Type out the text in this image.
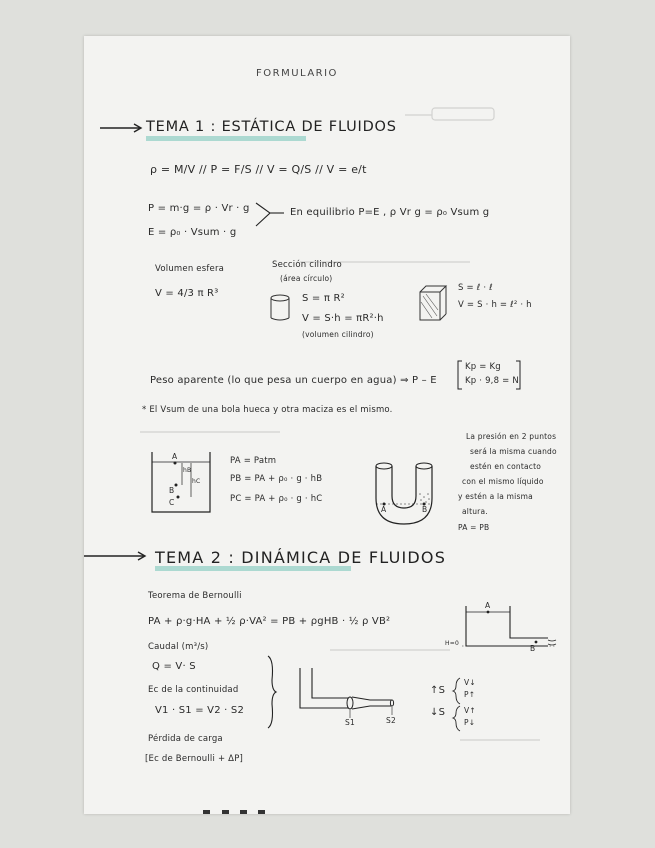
FORMULARIO
TEMA 1 : ESTÁTICA DE FLUIDOS
ρ = M/V // P = F/S // V = Q/S // V = e/t
P = m·g = ρ · Vr · g
E = ρ₀ · Vsum · g
En equilibrio P=E , ρ Vr g = ρ₀ Vsum g
Volumen esfera
V = 4/3 π R³
Sección cilindro
(área círculo)
S = π R²
V = S·h = πR²·h
(volumen cilindro)
S = ℓ · ℓ
V = S · h = ℓ² · h
Peso aparente (lo que pesa un cuerpo en agua) ⇒ P – E
Kp = Kg
Kp · 9,8 = N
* El Vsum de una bola hueca y otra maciza es el mismo.
A
B
C
hB
hC
PA = Patm
PB = PA + ρ₀ · g · hB
PC = PA + ρ₀ · g · hC
A	B
La presión en 2 puntos
será la misma cuando
estén en contacto
con el mismo líquido
y estén a la misma
altura.
PA = PB
TEMA 2 : DINÁMICA DE FLUIDOS
Teorema de Bernoulli
PA + ρ·g·HA + ½ ρ·VA² = PB + ρgHB · ½ ρ VB²
A
B
H=0
Caudal (m³/s)
Q = V· S
Ec de la continuidad
V1 · S1 = V2 · S2
S1	S2
↑S
↓S
V↓
P↑
V↑
P↓
Pérdida de carga
[Ec de Bernoulli + ΔP]
